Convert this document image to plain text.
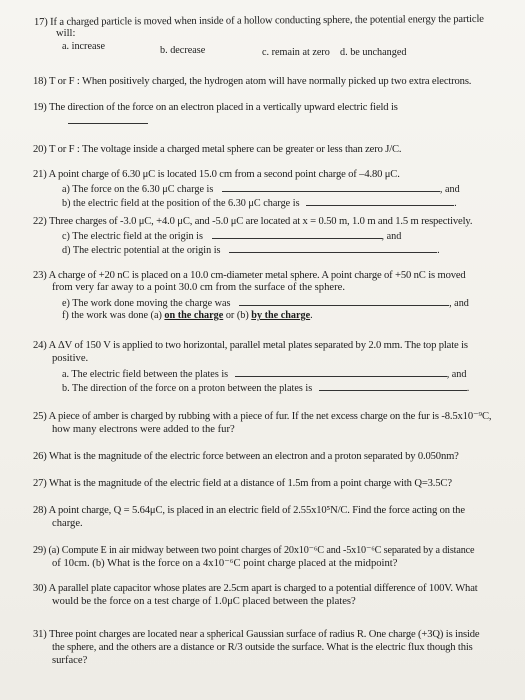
17) If a charged particle is moved when inside of a hollow conducting sphere, the potential energy the particle
will:
a. increase	b. decrease	c. remain at zero d. be unchanged
18) T or F : When positively charged, the hydrogen atom will have normally picked up two extra electrons.
19) The direction of the force on an electron placed in a vertically upward electric field is
20) T or F : The voltage inside a charged metal sphere can be greater or less than zero J/C.
21) A point charge of 6.30 μC is located 15.0 cm from a second point charge of –4.80 μC.
a) The force on the 6.30 μC charge is	, and
b) the electric field at the position of the 6.30 μC charge is	.
22) Three charges of -3.0 μC, +4.0 μC, and -5.0 μC are located at x = 0.50 m, 1.0 m and 1.5 m respectively.
c) The electric field at the origin is	, and
d) The electric potential at the origin is	.
23) A charge of +20 nC is placed on a 10.0 cm-diameter metal sphere. A point charge of +50 nC is moved
from very far away to a point 30.0 cm from the surface of the sphere.
e) The work done moving the charge was	, and
f) the work was done (a) on the charge or (b) by the charge.
24) A ΔV of 150 V is applied to two horizontal, parallel metal plates separated by 2.0 mm. The top plate is
positive.
a. The electric field between the plates is	, and
b. The direction of the force on a proton between the plates is	.
25) A piece of amber is charged by rubbing with a piece of fur. If the net excess charge on the fur is -8.5x10⁻⁹C,
how many electrons were added to the fur?
26) What is the magnitude of the electric force between an electron and a proton separated by 0.050nm?
27) What is the magnitude of the electric field at a distance of 1.5m from a point charge with Q=3.5C?
28) A point charge, Q = 5.64μC, is placed in an electric field of 2.55x10⁵N/C. Find the force acting on the
charge.
29) (a) Compute E in air midway between two point charges of 20x10⁻⁶C and -5x10⁻⁶C separated by a distance
of 10cm. (b) What is the force on a 4x10⁻⁶C point charge placed at the midpoint?
30) A parallel plate capacitor whose plates are 2.5cm apart is charged to a potential difference of 100V. What
would be the force on a test charge of 1.0μC placed between the plates?
31) Three point charges are located near a spherical Gaussian surface of radius R. One charge (+3Q) is inside
the sphere, and the others are a distance or R/3 outside the surface. What is the electric flux though this
surface?
